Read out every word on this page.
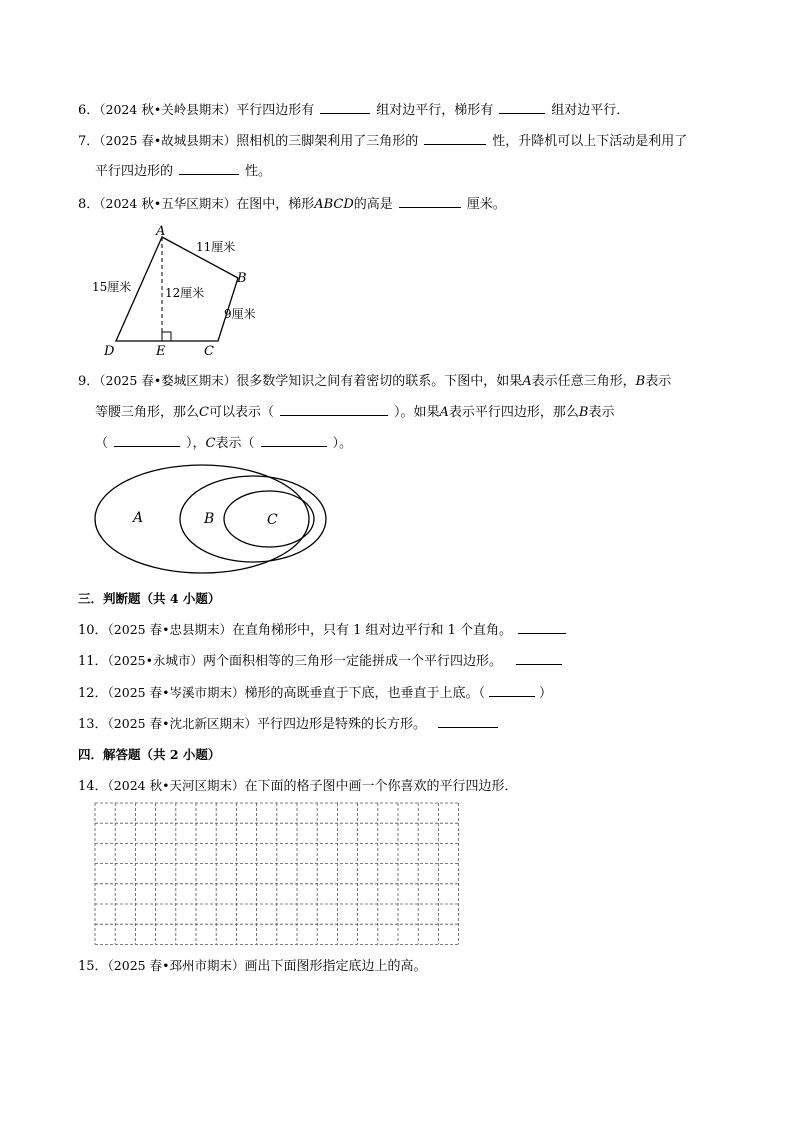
6．（2024 秋•关岭县期末）平行四边形有	组对边平行，梯形有	组对边平行．
7．（2025 春•故城县期末）照相机的三脚架利用了三角形的	性，升降机可以上下活动是利用了
平行四边形的	性。
8．（2024 秋•五华区期末）在图中，梯形ABCD的高是	厘米。
A
B
C
D	E
11厘米
15厘米	12厘米
9厘米
9．（2025 春•婺城区期末）很多数学知识之间有着密切的联系。下图中，如果A表示任意三角形，B表示
等腰三角形，那么C可以表示（	）。如果A表示平行四边形，那么B表示
（	），C表示（	）。
A	B	C
三．判断题（共 4 小题）
10．（2025 春•忠县期末）在直角梯形中，只有 1 组对边平行和 1 个直角。
11．（2025•永城市）两个面积相等的三角形一定能拼成一个平行四边形。
12．（2025 春•岑溪市期末）梯形的高既垂直于下底，也垂直于上底。（	）
13．（2025 春•沈北新区期末）平行四边形是特殊的长方形。
四．解答题（共 2 小题）
14．（2024 秋•天河区期末）在下面的格子图中画一个你喜欢的平行四边形．
15．（2025 春•邳州市期末）画出下面图形指定底边上的高。
